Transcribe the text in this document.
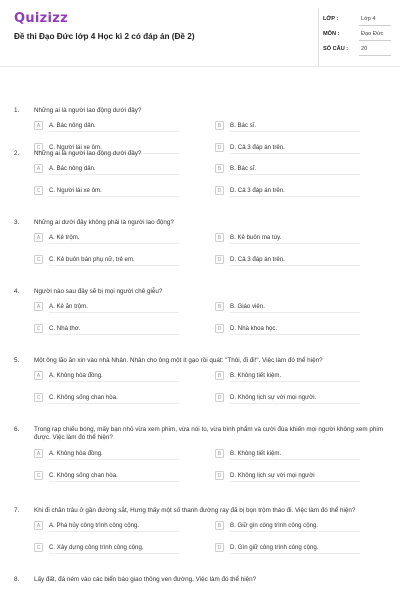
Quizizz
Đề thi Đạo Đức lớp 4 Học kì 2 có đáp án (Đề 2)
LỚP :	Lớp 4
MÔN :	Đạo Đức
SỐ CÂU : 20
1. Những ai là người lao động dưới đây?
A	A. Bác nông dân.	B	B. Bác sĩ.
C	C. Người lái xe ôm.	D	D. Cả 3 đáp án trên.
2. Những ai là người lao động dưới đây?
A	A. Bác nông dân.	B	B. Bác sĩ.
C	C. Người lái xe ôm.	D	D. Cả 3 đáp án trên.
3. Những ai dưới đây không phải là người lao động?
A	A. Kẻ trộm.	B	B. Kẻ buôn ma túy.
C	C. Kẻ buôn bán phụ nữ, trẻ em.	D	D. Cả 3 đáp án trên.
4. Người nào sau đây sẽ bị mọi người chê giễu?
A	A. Kẻ ăn trộm.	B	B. Giáo viên.
C	C. Nhà thơ.	D	D. Nhà khoa học.
5. Một ông lão ăn xin vào nhà Nhân. Nhân cho ông một ít gạo rồi quát: "Thôi, đi đi!". Việc làm đó thể hiện?
A	A. Không hòa đồng.	B	B. Không tiết kiệm.
C	C. Không sống chan hòa.	D	D. Không lịch sự với mọi người.
6. Trong rạp chiếu bóng, mấy bạn nhỏ vừa xem phim, vừa nói to, vừa bình phẩm và cười đùa khiến mọi người không xem phim được. Việc làm đó thể hiện?
A	A. Không hòa đồng.	B	B. Không tiết kiệm.
C	C. Không sống chan hòa.	D	D. Không lịch sự với mọi người
7. Khi đi chăn trâu ở gần đường sắt, Hưng thấy một số thanh đường ray đã bị bọn trộm tháo đi. Việc làm đó thể hiện?
A	A. Phá hủy công trình công cộng.	B	B. Giữ gìn công trình công cộng.
C	C. Xây dựng công trình công cộng.	D	D. Gìn giữ công trình công cộng.
8. Lấy đất, đá ném vào các biển báo giao thông ven đường. Việc làm đó thể hiện?
